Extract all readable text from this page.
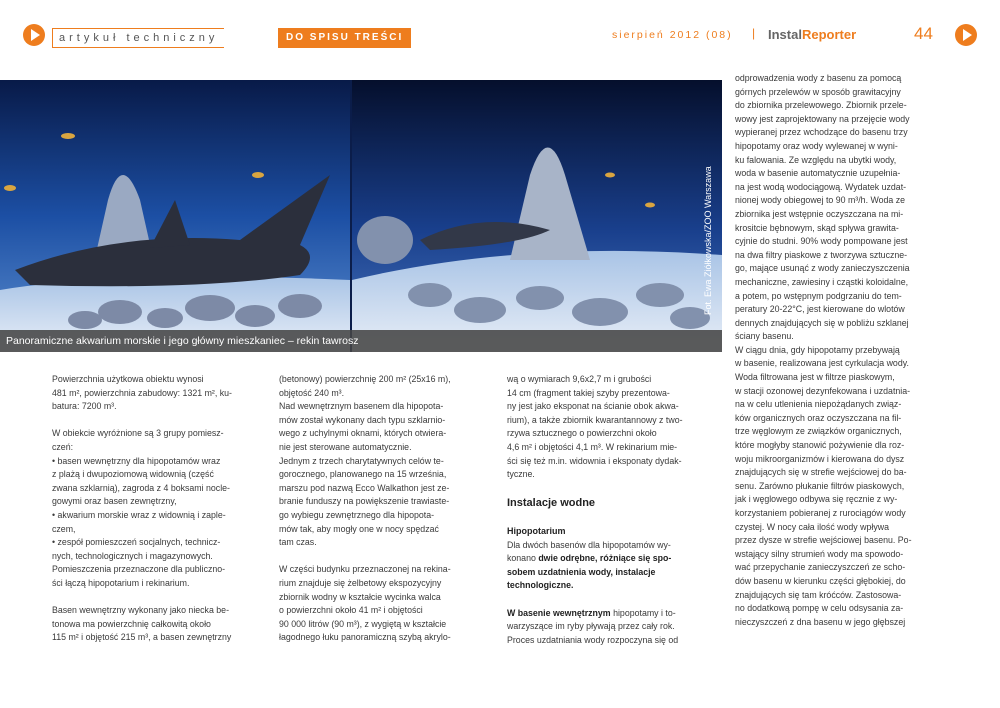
artykuł techniczny	DO SPISU TREŚCI	sierpień 2012 (08) | InstalReporter	44
Fot. Ewa Ziółkowska/ZOO Warszawa
Panoramiczne akwarium morskie i jego główny mieszkaniec – rekin tawrosz

Powierzchnia użytkowa obiektu wynosi

481 m², powierzchnia zabudowy: 1321 m², ku-

batura: 7200 m³.

W obiekcie wyróżnione są 3 grupy pomiesz-

czeń:

• basen wewnętrzny dla hipopotamów wraz

z plażą i dwupoziomową widownią (część

zwana szklarnią), zagroda z 4 boksami nocle-

gowymi oraz basen zewnętrzny,

• akwarium morskie wraz z widownią i zaple-

czem,

• zespół pomieszczeń socjalnych, technicz-

nych, technologicznych i magazynowych.

Pomieszczenia przeznaczone dla publiczno-

ści łączą hipopotarium i rekinarium.

Basen wewnętrzny wykonany jako niecka be-

tonowa ma powierzchnię całkowitą około

115 m² i objętość 215 m³, a basen zewnętrzny

(betonowy) powierzchnię 200 m² (25x16 m),

objętość 240 m³.

Nad wewnętrznym basenem dla hipopota-

mów został wykonany dach typu szklarnio-

wego z uchylnymi oknami, których otwiera-

nie jest sterowane automatycznie.

Jednym z trzech charytatywnych celów te-

gorocznego, planowanego na 15 września,

marszu pod nazwą Ecco Walkathon jest ze-

branie funduszy na powiększenie trawiaste-

go wybiegu zewnętrznego dla hipopota-

mów tak, aby mogły one w nocy spędzać

tam czas.

W części budynku przeznaczonej na rekina-

rium znajduje się żelbetowy ekspozycyjny

zbiornik wodny w kształcie wycinka walca

o powierzchni około 41 m² i objętości

90 000 litrów (90 m³), z wygiętą w kształcie

łagodnego łuku panoramiczną szybą akrylo-

wą o wymiarach 9,6x2,7 m i grubości

14 cm (fragment takiej szyby prezentowa-

ny jest jako eksponat na ścianie obok akwa-

rium), a także zbiornik kwarantannowy z two-

rzywa sztucznego o powierzchni około

4,6 m² i objętości 4,1 m³. W rekinarium mie-

ści się też m.in. widownia i eksponaty dydak-

tyczne.

Instalacje wodne
Hipopotarium

Dla dwóch basenów dla hipopotamów wy-

konano dwie odrębne, różniące się spo-

sobem uzdatnienia wody, instalacje

technologiczne.

W basenie wewnętrznym hipopotamy i to-

warzyszące im ryby pływają przez cały rok.

Proces uzdatniania wody rozpoczyna się od

odprowadzenia wody z basenu za pomocą

górnych przelewów w sposób grawitacyjny

do zbiornika przelewowego. Zbiornik przele-

wowy jest zaprojektowany na przejęcie wody

wypieranej przez wchodzące do basenu trzy

hipopotamy oraz wody wylewanej w wyni-

ku falowania. Ze względu na ubytki wody,

woda w basenie automatycznie uzupełnia-

na jest wodą wodociągową. Wydatek uzdat-

nionej wody obiegowej to 90 m³/h. Woda ze

zbiornika jest wstępnie oczyszczana na mi-

krositcie bębnowym, skąd spływa grawita-

cyjnie do studni. 90% wody pompowane jest

na dwa filtry piaskowe z tworzywa sztuczne-

go, mające usunąć z wody zanieczyszczenia

mechaniczne, zawiesiny i cząstki koloidalne,

a potem, po wstępnym podgrzaniu do tem-

peratury 20-22°C, jest kierowane do wlotów

dennych znajdujących się w pobliżu szklanej

ściany basenu.

W ciągu dnia, gdy hipopotamy przebywają

w basenie, realizowana jest cyrkulacja wody.

Woda filtrowana jest w filtrze piaskowym,

w stacji ozonowej dezynfekowana i uzdatnia-

na w celu utlenienia niepożądanych związ-

ków organicznych oraz oczyszczana na fil-

trze węglowym ze związków organicznych,

które mogłyby stanowić pożywienie dla roz-

woju mikroorganizmów i kierowana do dysz

znajdujących się w strefie wejściowej do ba-

senu. Zarówno płukanie filtrów piaskowych,

jak i węglowego odbywa się ręcznie z wy-

korzystaniem pobieranej z rurociągów wody

czystej. W nocy cała ilość wody wpływa

przez dysze w strefie wejściowej basenu. Po-

wstający silny strumień wody ma spowodo-

wać przepychanie zanieczyszczeń ze scho-

dów basenu w kierunku części głębokiej, do

znajdujących się tam króćców. Zastosowa-

no dodatkową pompę w celu odsysania za-

nieczyszczeń z dna basenu w jego głębszej
